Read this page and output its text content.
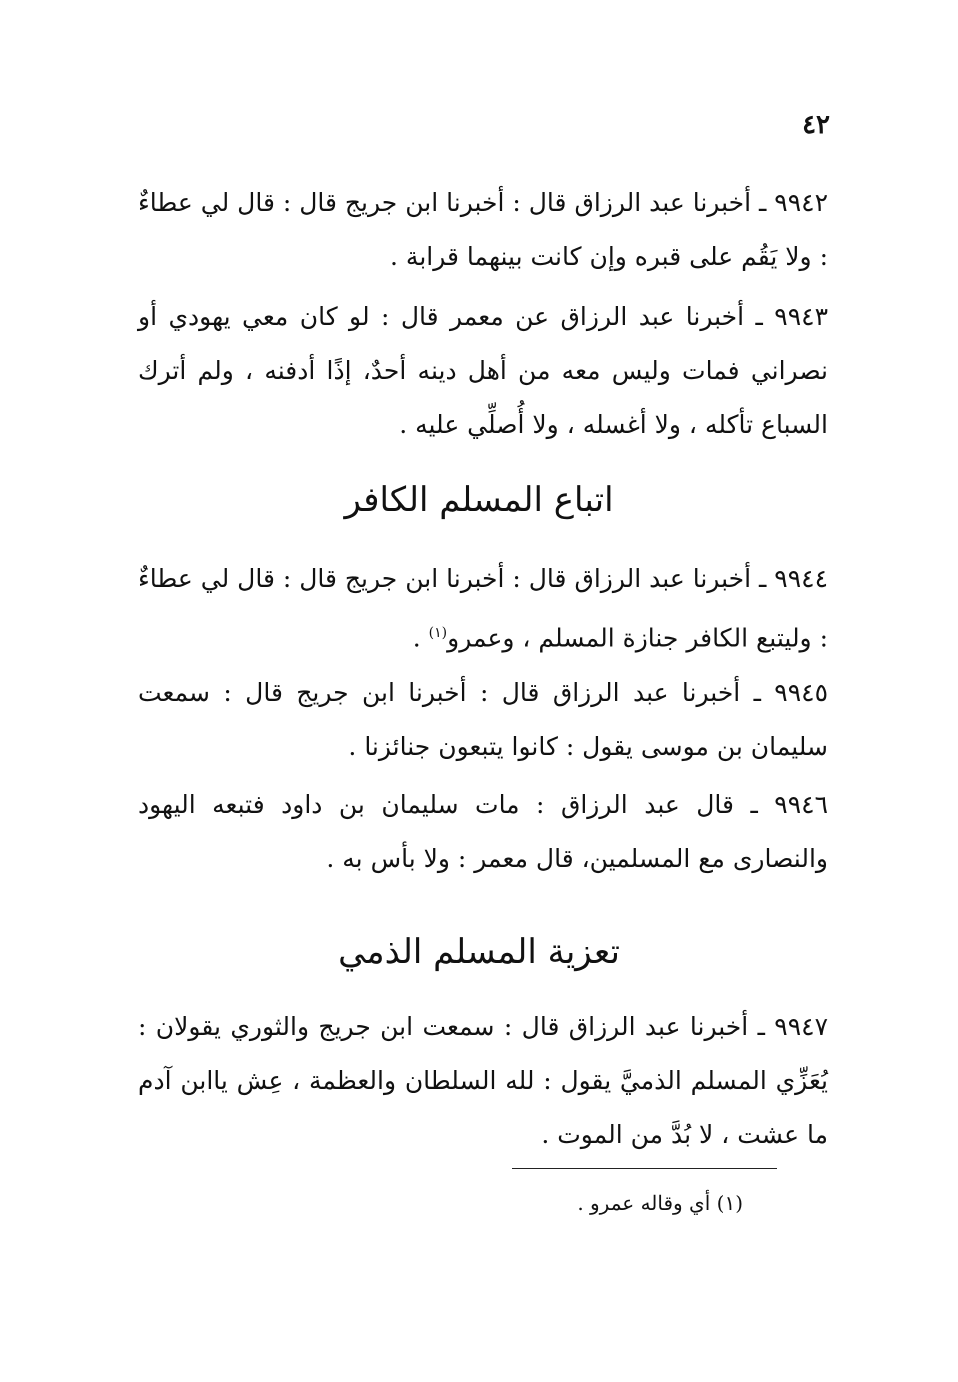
٤٢

٩٩٤٢ ـ أخبرنا عبد الرزاق قال : أخبرنا ابن جريج قال : قال لي عطاءٌ : ولا يَقُم على قبره وإن كانت بينهما قرابة .

٩٩٤٣ ـ أخبرنا عبد الرزاق عن معمر قال : لو كان معي يهودي أو نصراني فمات وليس معه من أهل دينه أحدٌ، إذًا أدفنه ، ولم أترك السباع تأكله ، ولا أغسله ، ولا أُصلِّي عليه .

اتباع المسلم الكافر

٩٩٤٤ ـ أخبرنا عبد الرزاق قال : أخبرنا ابن جريج قال : قال لي عطاءٌ : وليتبع الكافر جنازة المسلم ، وعمرو$^{(١)}$ .

٩٩٤٥ ـ أخبرنا عبد الرزاق قال : أخبرنا ابن جريج قال : سمعت سليمان بن موسى يقول : كانوا يتبعون جنائزنا .

٩٩٤٦ ـ قال عبد الرزاق : مات سليمان بن داود فتبعه اليهود والنصارى مع المسلمين، قال معمر : ولا بأس به .

تعزية المسلم الذمي

٩٩٤٧ ـ أخبرنا عبد الرزاق قال : سمعت ابن جريج والثوري يقولان : يُعَزِّي المسلم الذميَّ يقول : لله السلطان والعظمة ، عِش ياابن آدم ما عشت ، لا بُدَّ من الموت .

(١) أي وقاله عمرو .
